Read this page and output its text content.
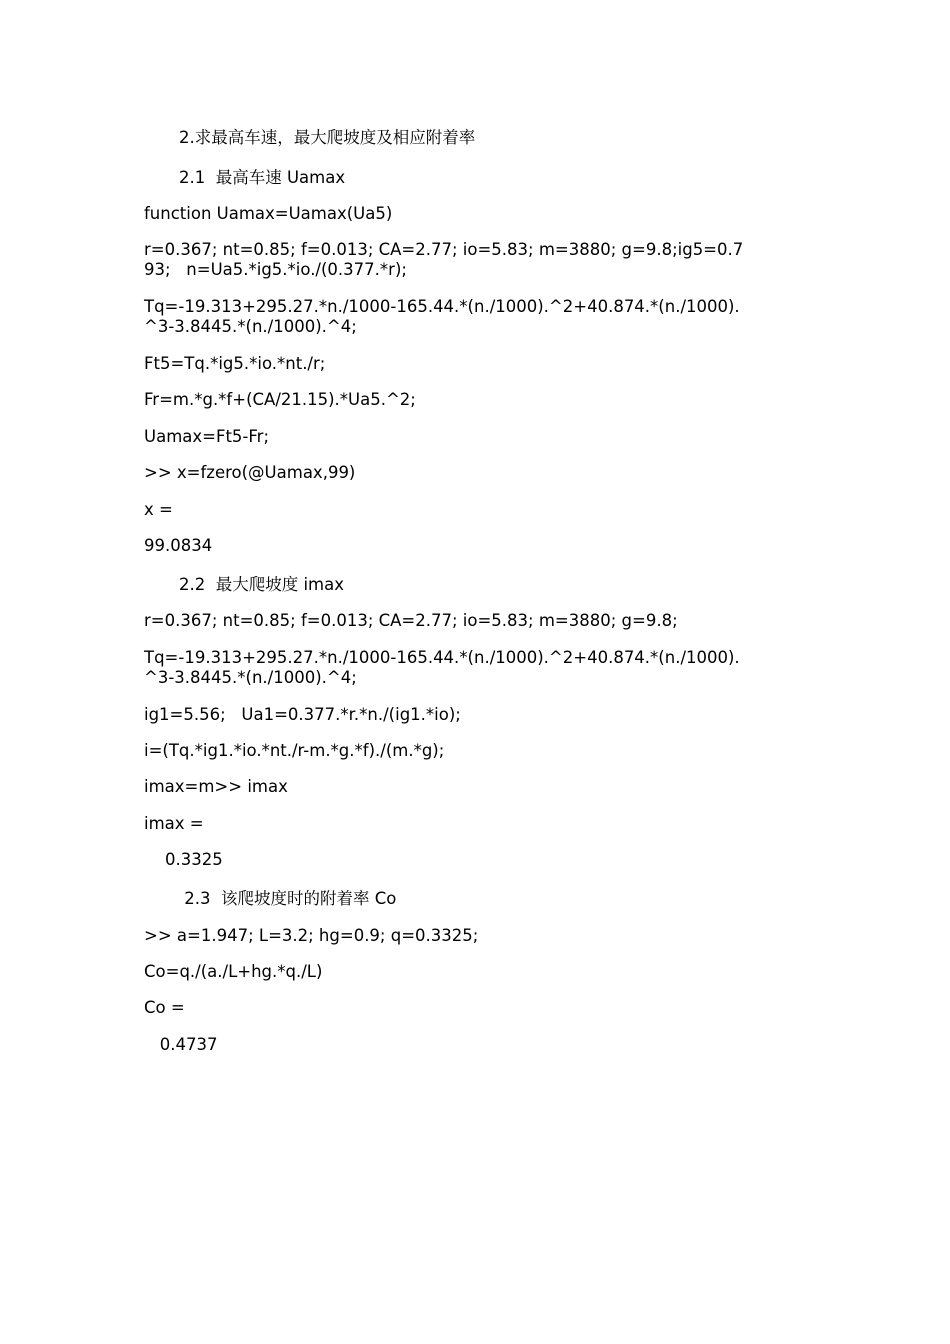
2.求最高车速，最大爬坡度及相应附着率
2.1  最高车速 Uamax
function Uamax=Uamax(Ua5)
r=0.367; nt=0.85; f=0.013; CA=2.77; io=5.83; m=3880; g=9.8;ig5=0.793;   n=Ua5.*ig5.*io./(0.377.*r);
Tq=-19.313+295.27.*n./1000-165.44.*(n./1000).^2+40.874.*(n./1000).^3-3.8445.*(n./1000).^4;
Ft5=Tq.*ig5.*io.*nt./r;
Fr=m.*g.*f+(CA/21.15).*Ua5.^2;
Uamax=Ft5-Fr;
>> x=fzero(@Uamax,99)
x =
99.0834
2.2  最大爬坡度 imax
r=0.367; nt=0.85; f=0.013; CA=2.77; io=5.83; m=3880; g=9.8;
Tq=-19.313+295.27.*n./1000-165.44.*(n./1000).^2+40.874.*(n./1000).^3-3.8445.*(n./1000).^4;
ig1=5.56;   Ua1=0.377.*r.*n./(ig1.*io);
i=(Tq.*ig1.*io.*nt./r-m.*g.*f)./(m.*g);
imax=m>> imax
imax =
0.3325
2.3  该爬坡度时的附着率 Co
>> a=1.947; L=3.2; hg=0.9; q=0.3325;
Co=q./(a./L+hg.*q./L)
Co =
0.4737
